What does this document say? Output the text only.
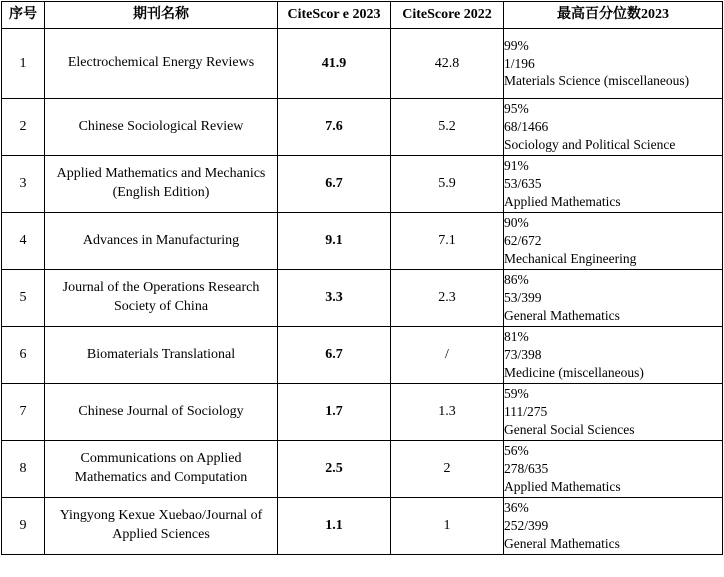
序号	期刊名称	CiteScor e 2023	CiteScore 2022	最高百分位数2023
1	Electrochemical Energy Reviews	41.9	42.8	99%
1/196
Materials Science (miscellaneous)

2	Chinese Sociological Review	7.6	5.2	95%
68/1466
Sociology and Political Science

3	Applied Mathematics and Mechanics (English Edition)	6.7	5.9	91%
53/635
Applied Mathematics

4	Advances in Manufacturing	9.1	7.1	90%
62/672
Mechanical Engineering

5	Journal of the Operations Research Society of China	3.3	2.3	86%
53/399
General Mathematics

6	Biomaterials Translational	6.7	/	81%
73/398
Medicine (miscellaneous)

7	Chinese Journal of Sociology	1.7	1.3	59%
111/275
General Social Sciences

8	Communications on Applied Mathematics and Computation	2.5	2	56%
278/635
Applied Mathematics

9	Yingyong Kexue Xuebao/Journal of Applied Sciences	1.1	1	36%
252/399
General Mathematics
